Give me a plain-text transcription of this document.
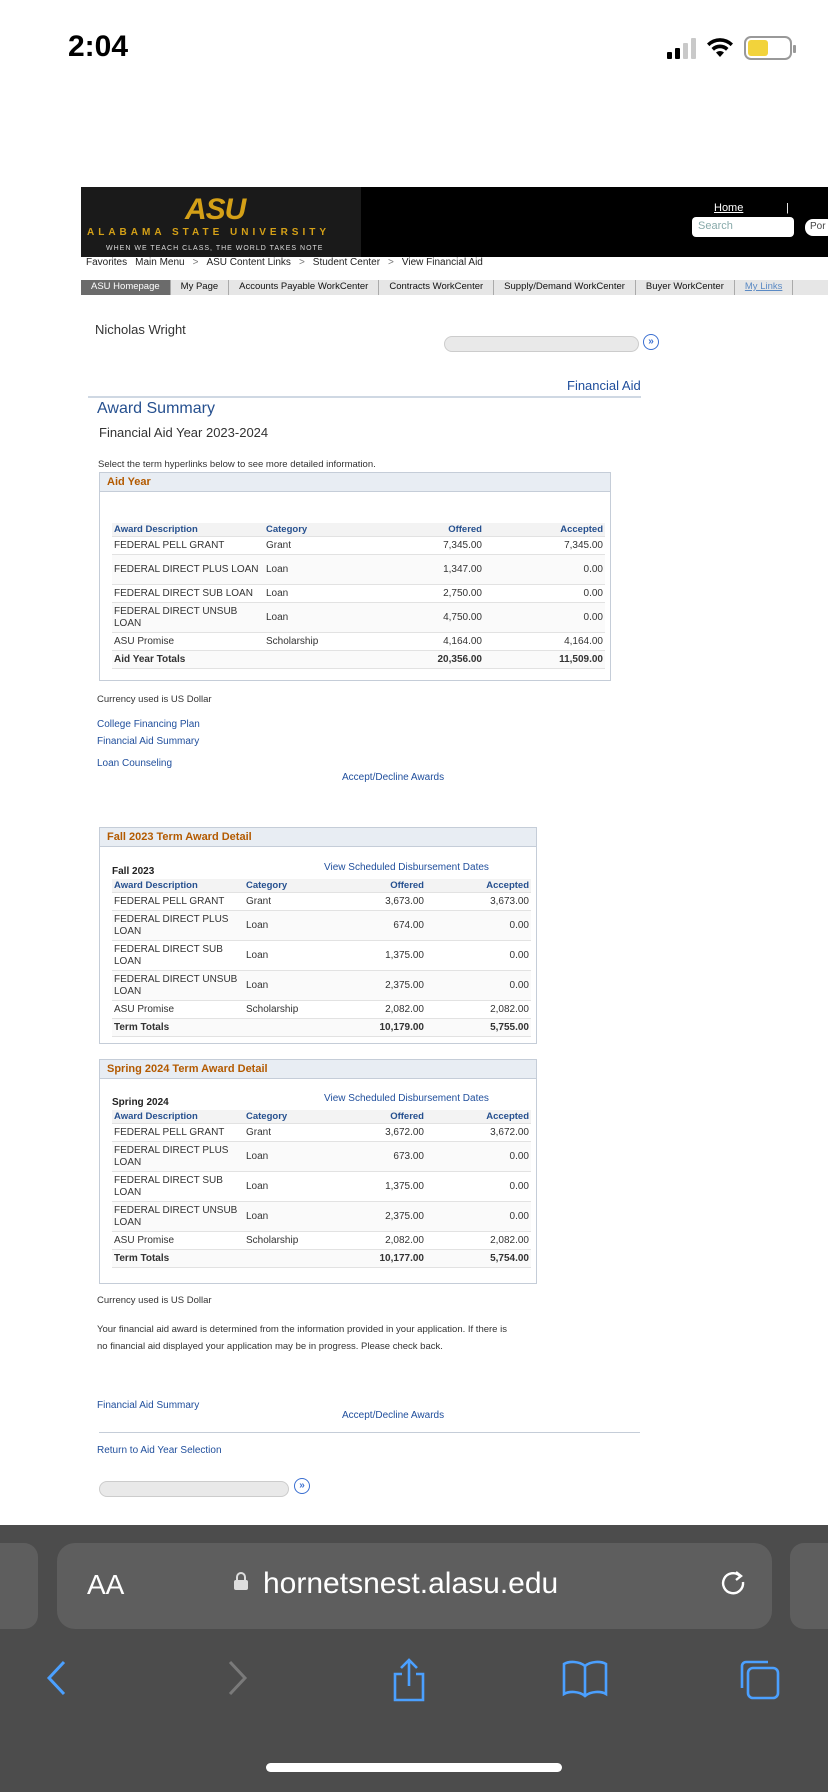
2:04
ASU
ALABAMA STATE UNIVERSITY
WHEN WE TEACH CLASS, THE WORLD TAKES NOTE
Home	|
Search	Por
Favorites Main Menu > ASU Content Links > Student Center > View Financial Aid
ASU Homepage	My Page	Accounts Payable WorkCenter	Contracts WorkCenter	Supply/Demand WorkCenter	Buyer WorkCenter	My Links
Nicholas Wright
»
Financial Aid
Award Summary
Financial Aid Year 2023-2024
Select the term hyperlinks below to see more detailed information.
Aid Year
Award Description	Category	Offered	Accepted
FEDERAL PELL GRANT	Grant	7,345.00	7,345.00
FEDERAL DIRECT PLUS LOAN	Loan	1,347.00	0.00
FEDERAL DIRECT SUB LOAN	Loan	2,750.00	0.00
FEDERAL DIRECT UNSUB LOAN	Loan	4,750.00	0.00
ASU Promise	Scholarship	4,164.00	4,164.00
Aid Year Totals		20,356.00	11,509.00
Currency used is US Dollar
College Financing Plan
Financial Aid Summary
Loan Counseling
Accept/Decline Awards
Fall 2023 Term Award Detail
Fall 2023	View Scheduled Disbursement Dates
Award Description	Category	Offered	Accepted
FEDERAL PELL GRANT	Grant	3,673.00	3,673.00
FEDERAL DIRECT PLUS LOAN	Loan	674.00	0.00
FEDERAL DIRECT SUB LOAN	Loan	1,375.00	0.00
FEDERAL DIRECT UNSUB LOAN	Loan	2,375.00	0.00
ASU Promise	Scholarship	2,082.00	2,082.00
Term Totals		10,179.00	5,755.00
Spring 2024 Term Award Detail
Spring 2024	View Scheduled Disbursement Dates
Award Description	Category	Offered	Accepted
FEDERAL PELL GRANT	Grant	3,672.00	3,672.00
FEDERAL DIRECT PLUS LOAN	Loan	673.00	0.00
FEDERAL DIRECT SUB LOAN	Loan	1,375.00	0.00
FEDERAL DIRECT UNSUB LOAN	Loan	2,375.00	0.00
ASU Promise	Scholarship	2,082.00	2,082.00
Term Totals		10,177.00	5,754.00
Currency used is US Dollar
Your financial aid award is determined from the information provided in your application. If there is no financial aid displayed your application may be in progress. Please check back.
Financial Aid Summary
Accept/Decline Awards
Return to Aid Year Selection
»
AA	hornetsnest.alasu.edu
